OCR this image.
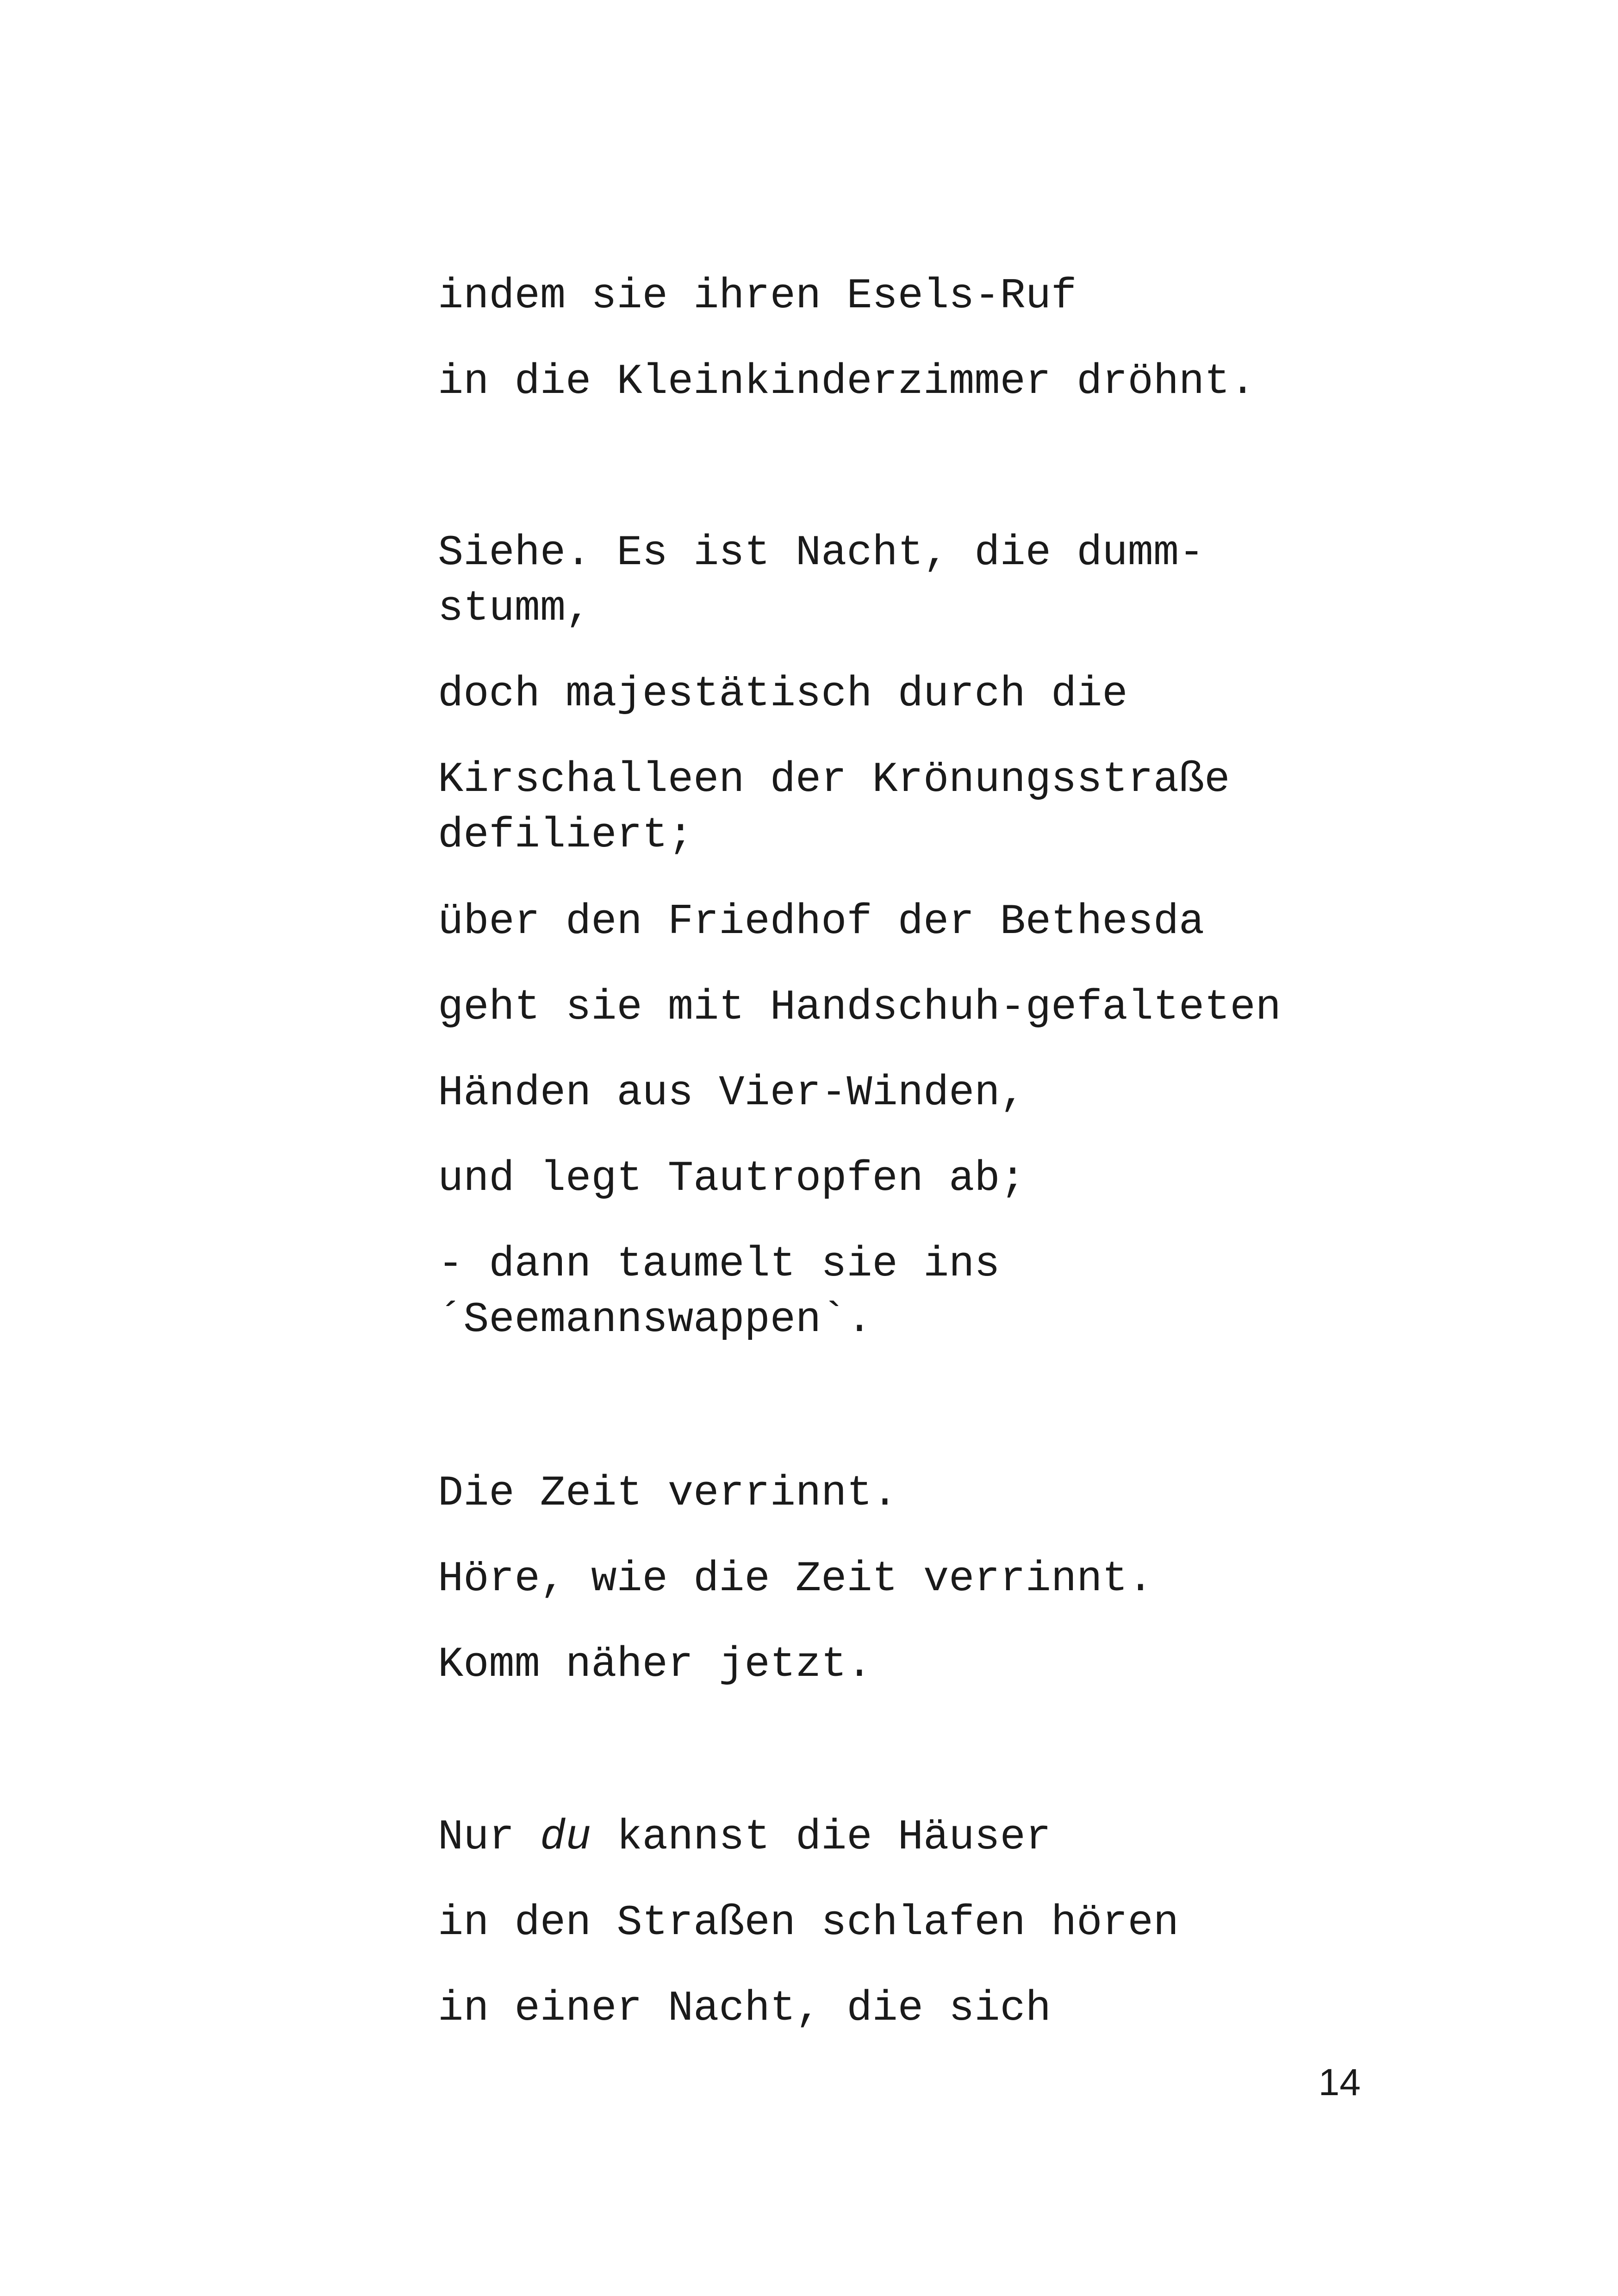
indem sie ihren Esels-Ruf

in die Kleinkinderzimmer dröhnt.

Siehe. Es ist Nacht, die dumm-

stumm,

doch majestätisch durch die

Kirschalleen der Krönungsstraße

defiliert;

über den Friedhof der Bethesda

geht sie mit Handschuh-gefalteten

Händen aus Vier-Winden,

und legt Tautropfen ab;

- dann taumelt sie ins

´Seemannswappen`.

Die Zeit verrinnt.

Höre, wie die Zeit verrinnt.

Komm näher jetzt.

Nur du kannst die Häuser

in den Straßen schlafen hören

in einer Nacht, die sich

14
